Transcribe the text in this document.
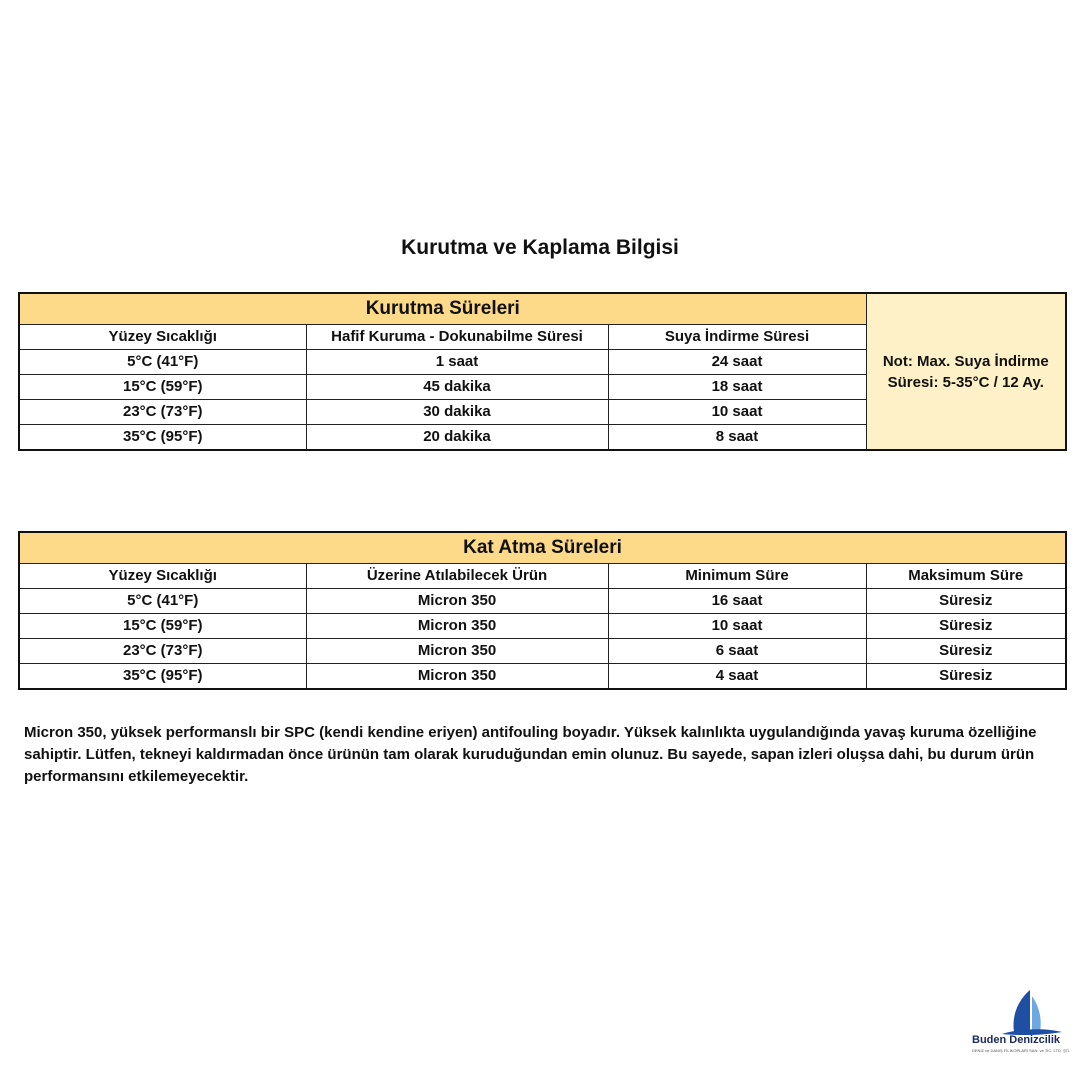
Kurutma ve Kaplama Bilgisi
Kurutma Süreleri			Not: Max. Suya İndirme Süresi: 5-35°C / 12 Ay.
Yüzey Sıcaklığı	Hafif Kuruma - Dokunabilme Süresi	Suya İndirme Süresi	
5°C (41°F)	1 saat	24 saat	
15°C (59°F)	45 dakika	18 saat	
23°C (73°F)	30 dakika	10 saat	
35°C (95°F)	20 dakika	8 saat	
Kat Atma Süreleri			
Yüzey Sıcaklığı	Üzerine Atılabilecek Ürün	Minimum Süre	Maksimum Süre
5°C (41°F)	Micron 350	16 saat	Süresiz
15°C (59°F)	Micron 350	10 saat	Süresiz
23°C (73°F)	Micron 350	6 saat	Süresiz
35°C (95°F)	Micron 350	4 saat	Süresiz

Micron 350, yüksek performanslı bir SPC (kendi kendine eriyen) antifouling boyadır. Yüksek kalınlıkta uygulandığında yavaş kuruma özelliğine sahiptir. Lütfen, tekneyi kaldırmadan önce ürünün tam olarak kuruduğundan emin olunuz. Bu sayede, sapan izleri oluşsa dahi, bu durum ürün performansını etkilemeyecektir.

Buden Denizcilik
DENİZ ve DANIŞ FİLİKOPLARI SAN. ve TİC. LTD. ŞTİ.
